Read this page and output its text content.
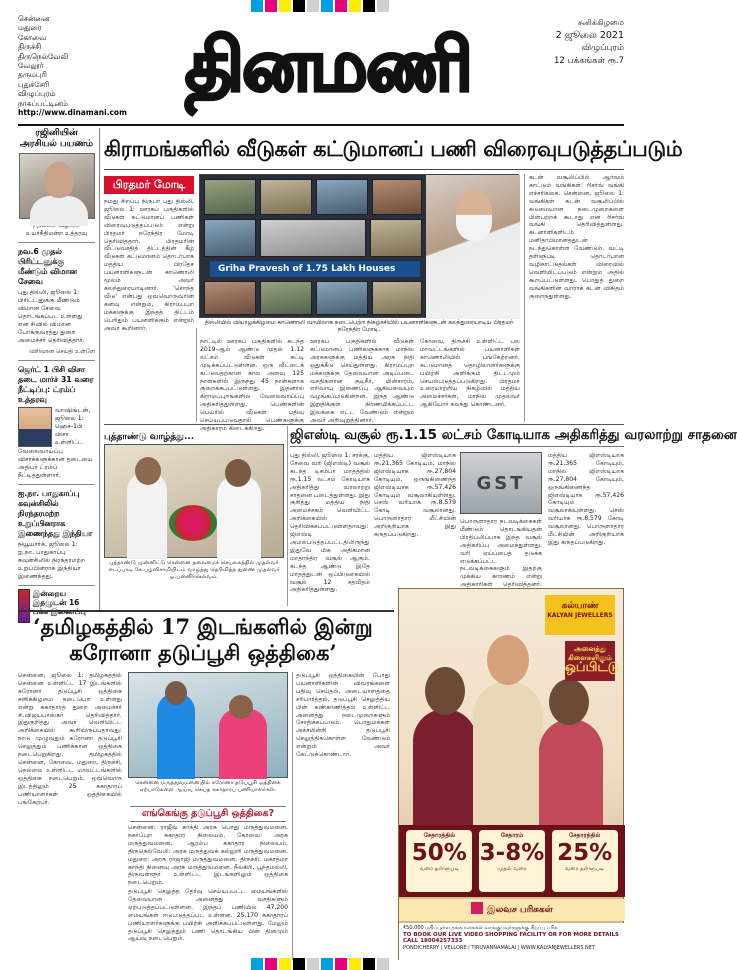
சென்னை
மதுரை
கோவை
திருச்சி
திருநெல்வேலி
வேலூர்
தருமபுரி
புதுச்சேரி
விழுப்புரம்
நாகப்பட்டினம்
http://www.dinamani.com
தினமணி
சனிக்கிழமை
2 ஜூலை 2021
விழுப்புரம்
12 பக்கங்கள் ரூ.7
ரஜினியின் அரசியல் பயணம்
உயர்நீதிமன்ற உத்தரவு
நவ.6 முதல் பிரிட்டனுக்கு மீண்டும் விமான சேவை
புது தில்லி, ஜூலை 1: பிரிட்டனுக்கு மீண்டும் விமான சேவை தொடங்கப்பட உள்ளது என சிவில் விமான போக்குவரத்து துறை அமைச்சர் தெரிவித்தார்.
விரிவான செய்தி உள்ளே
ஜெர்ட் 1 பிசி விசா தடை மார்ச் 31 வரை நீட்டிப்பு: ட்ரம்ப் உத்தரவு
வாஷிங்டன், ஜூலை 1: ஹெச்-1பி விசா உள்ளிட்ட வேலைவாய்ப்பு விசாக்களுக்கான தடையை அதிபர் ட்ரம்ப் நீட்டித்துள்ளார்.
ஐ.நா. பாதுகாப்பு கவுன்சிலில் நிரந்தரமற்ற உறுப்பினராக இணைந்தது இந்தியா
நியூயார்க், ஜூலை 1: ஐ.நா. பாதுகாப்பு கவுன்சிலில் நிரந்தரமற்ற உறுப்பினராக இந்தியா இணைந்தது.
இன்றைய இதழுடன் 16 பக்க இணைப்பு
கிராமங்களில் வீடுகள் கட்டுமானப் பணி விரைவுபடுத்தப்படும்
பிரதமர் மோடி
நமது சிறப்பு நிருபர் புது தில்லி, ஜூலை 1: ஊரகப் பகுதிகளில் வீடுகள் கட்டுமானப் பணிகள் விரைவுபடுத்தப்படும் என்று பிரதமர் நரேந்திர மோடி தெரிவித்தார். பிரதமரின் வீட்டுவசதித் திட்டத்தின் கீழ் வீடுகள் கட்டுமானம் தொடர்பாக மத்திய பிரதேச பயனாளிகளுடன் காணொலி மூலம் அவர் கலந்துரையாடினார். 'சொந்த வீடு' என்பது ஒவ்வொருவரின் கனவு என்றும், கிராமப்புற மக்களுக்கு இந்தத் திட்டம் பெரிதும் பயனளிக்கும் என்றும் அவர் கூறினார்.
Griha Pravesh of 1.75 Lakh Houses
தில்லியில் வியாழக்கிழமை காணொலி வாயிலாக நடைபெற்ற நிகழ்ச்சியில் பயனாளிகளுடன் கலந்துரையாடிய பிரதமர் நரேந்திர மோடி.
நாட்டில் ஊரகப் பகுதிகளில் கடந்த 2019-ஆம் ஆண்டு முதல் 1.12 லட்சம் வீடுகள் கட்டி முடிக்கப்பட்டுள்ளன. ஒரு வீட்டைக் கட்டுவதற்கான கால அளவு 125 நாள்களில் இருந்து 45 நாள்களாக குறைக்கப்பட்டுள்ளது. இதனால் கிராமப்புறங்களில் வேலைவாய்ப்பு அதிகரித்துள்ளது. பெண்களின் பெயரில் வீடுகள் பதிவு செய்யப்படுவதால் பெண்களுக்கு அதிகாரம் கிடைக்கிறது.
ஊரகப் பகுதிகளில் வீடுகள் கட்டுமானப் பணிகளுக்காக மாநில அரசுகளுக்கு மத்திய அரசு நிதி ஒதுக்கீடு செய்துள்ளது. கிராமப்புற மக்களுக்கு தேவையான அடிப்படை வசதிகளான குடிநீர், மின்சாரம், எரிவாயு இணைப்பு ஆகியவையும் வழங்கப்படுகின்றன. இந்த ஆண்டு இறுதிக்குள் நிர்ணயிக்கப்பட்ட இலக்கை எட்ட வேண்டும் என்றும் அவர் அறிவுறுத்தினார்.
கோவை, திருச்சி உள்ளிட்ட பல மாவட்டங்களில் பயனாளிகள் காணொலியில் பங்கேற்றனர். கட்டுமானத் தொழிலாளர்களுக்கு பயிற்சி அளிக்கும் திட்டமும் செயல்படுத்தப்படுகிறது. பிரதமர் உரையாற்றிய நிகழ்வில் மத்திய அமைச்சர்கள், மாநில முதல்வர் ஆகியோர் கலந்து கொண்டனர்.
கடன் வசூலிப்பில் ஆர்வம் காட்டும் வங்கிகள்: ரிசர்வ் வங்கி எச்சரிக்கை. சென்னை, ஜூலை 1: வங்கிகள் கடன் வசூலிப்பில் கடுமையான நடைமுறைகளை பின்பற்றக் கூடாது என ரிசர்வ் வங்கி தெரிவித்துள்ளது. கடனாளிகளிடம் மனிதாபிமானத்துடன் நடந்துகொள்ள வேண்டும். வட்டி தள்ளுபடி தொடர்பான வழிகாட்டுதல்கள் விரைவில் வெளியிடப்படும் என்றும் அதில் கூறப்பட்டுள்ளது. பொதுத் துறை வங்கிகளின் வாராக் கடன் விகிதம் குறைந்துள்ளது.
புத்தாண்டு வாழ்த்து...
புத்தாண்டு முன்னிட்டு சென்னை தலைமைச் செயலகத்தில் முதல்வர் எடப்பாடி கே.பழனிசாமியிடம் வாழ்த்து தெரிவித்த துணை முதல்வர் ஓ.பன்னீர்செல்வம்.
ஜிஎஸ்டி வசூல் ரூ.1.15 லட்சம் கோடியாக அதிகரித்து வரலாற்று சாதனை
புது தில்லி, ஜூலை 1: சரக்கு, சேவை வரி (ஜிஎஸ்டி) வசூல் கடந்த டிசம்பர் மாதத்தில் ரூ.1.15 லட்சம் கோடியாக அதிகரித்து வரலாற்று சாதனை படைத்துள்ளது. இது குறித்து மத்திய நிதி அமைச்சகம் வெளியிட்ட அறிக்கையில் தெரிவிக்கப்பட்டுள்ளதாவது: ஜிஎஸ்டி அமல்படுத்தப்பட்டதிலிருந்து இதுவே மிக அதிகமான மாதாந்திர வசூல் ஆகும். கடந்த ஆண்டு இதே மாதத்துடன் ஒப்பிடுகையில் வசூல் 12 சதவீதம் அதிகரித்துள்ளது.
மத்திய ஜிஎஸ்டியாக ரூ.21,365 கோடியும், மாநில ஜிஎஸ்டியாக ரூ.27,804 கோடியும், ஒருங்கிணைந்த ஜிஎஸ்டியாக ரூ.57,426 கோடியும் வசூலாகியுள்ளது. செஸ் வரியாக ரூ.8,579 கோடி வசூலானது. பொருளாதார மீட்சியின் அறிகுறியாக இது கருதப்படுகிறது.
GST
பொருளாதார நடவடிக்கைகள் மீண்டும் தொடங்கியதன் பிரதிபலிப்பாக இந்த வசூல் அதிகரிப்பு அமைந்துள்ளது. வரி ஏய்ப்பைத் தடுக்க எடுக்கப்பட்ட நடவடிக்கைகளும் இதற்கு முக்கிய காரணம் என்று அதிகாரிகள் தெரிவித்தனர்.
மத்திய ஜிஎஸ்டியாக ரூ.21,365 கோடியும், மாநில ஜிஎஸ்டியாக ரூ.27,804 கோடியும், ஒருங்கிணைந்த ஜிஎஸ்டியாக ரூ.57,426 கோடியும் வசூலாகியுள்ளது. செஸ் வரியாக ரூ.8,579 கோடி வசூலானது. பொருளாதார மீட்சியின் அறிகுறியாக இது கருதப்படுகிறது.
‘தமிழகத்தில் 17 இடங்களில் இன்று கரோனா தடுப்பூசி ஒத்திகை’
சென்னை, ஜூலை 1: தமிழகத்தில் சென்னை உள்ளிட்ட 17 இடங்களில் கரோனா தடுப்பூசி ஒத்திகை சனிக்கிழமை நடைபெற உள்ளது என்று சுகாதாரத் துறை அமைச்சர் சி.விஜயபாஸ்கர் தெரிவித்தார். இதுகுறித்து அவர் வெளியிட்ட அறிக்கையில் கூறியிருப்பதாவது: நாடு முழுவதும் கரோனா தடுப்பூசி செலுத்தும் பணிக்கான ஒத்திகை நடைபெறுகிறது. தமிழகத்தில் சென்னை, கோவை, மதுரை, திருச்சி, நெல்லை உள்ளிட்ட மாவட்டங்களில் ஒத்திகை நடைபெறும். ஒவ்வொரு இடத்திலும் 25 சுகாதாரப் பணியாளர்கள் ஒத்திகையில் பங்கேற்பர்.
சென்னை மருத்துவமனையில் கரோனா தடுப்பூசி ஒத்திகை ஏற்பாடுகளை ஆய்வு செய்த சுகாதாரப் பணியாளர்கள்.
எங்கெங்கு தடுப்பூசி ஒத்திகை?
சென்னை: ராஜீவ் காந்தி அரசு பொது மருத்துவமனை, நகர்ப்புற சுகாதார நிலையம். கோவை: அரசு மருத்துவமனை, ஆரம்ப சுகாதார நிலையம். திருநெல்வேலி: அரசு மருத்துவக் கல்லூரி மருத்துவமனை. மதுரை: அரசு ராஜாஜி மருத்துவமனை. திருச்சி: மகாத்மா காந்தி நினைவு அரசு மருத்துவமனை. நீலகிரி, பூந்தமல்லி, திருவள்ளூர் உள்ளிட்ட இடங்களிலும் ஒத்திகை நடைபெறும்.
தடுப்பூசி செலுத்த தேர்வு செய்யப்பட்ட மையங்களில் தேவையான அனைத்து வசதிகளும் ஏற்படுத்தப்பட்டுள்ளன. இந்தப் பணியில் 47,200 மையங்கள் ஈடுபடுத்தப்பட உள்ளன. 25,170 சுகாதாரப் பணியாளர்களுக்கு பயிற்சி அளிக்கப்பட்டுள்ளது. மேலும் தடுப்பூசி செலுத்தும் பணி தொடங்கிய பின் தினமும் ஆய்வு நடைபெறும்.
தடுப்பூசி ஒத்திகையின் போது பயனாளிகளின் விவரங்களை பதிவு செய்தல், அடையாளத்தை சரிபார்த்தல், தடுப்பூசி செலுத்திய பின் கண்காணித்தல் உள்ளிட்ட அனைத்து நடைமுறைகளும் சோதிக்கப்படும். பொதுமக்கள் அச்சமின்றி தடுப்பூசி செலுத்திக்கொள்ள வேண்டும் என்றும் அவர் கேட்டுக்கொண்டார்.
கல்யாண்
KALYAN JEWELLERS
அனைத்து கிளைகளிலும்
ஒப்பிட்டு
சேதாரத்தில்
50%
வரை தள்ளுபடி
சேதாரம்
3-8%
முதல் வரை
சேதாரத்தில்
25%
வரை தள்ளுபடி
இலவச பரிசுகள்
₹50,000 மதிப்புள்ள தங்க நகைகள் வாங்குபவர்களுக்கு சிறப்பு பரிசு
TO BOOK OUR LIVE VIDEO SHOPPING FACILITY OR FOR MORE DETAILS CALL 18004257333
PONDICHERRY | VELLORE | TIRUVANNAMALAI | WWW.KALYANJEWELLERS.NET
